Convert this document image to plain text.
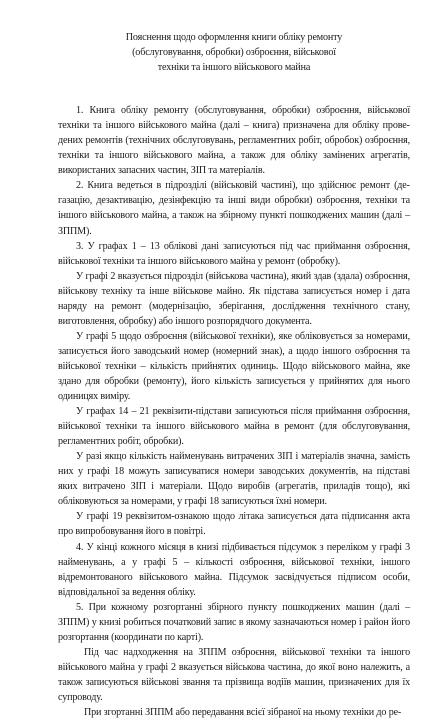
Пояснення щодо оформлення книги обліку ремонту
(обслуговування, обробки) озброєння, військової
техніки та іншого військового майна

1. Книга обліку ремонту (обслуговування, обробки) озброєння, військової техніки та іншого військового майна (далі – книга) призначена для обліку проведених ремонтів (технічних обслуговувань, регламентних робіт, обробок) озброєння, техніки та іншого військового майна, а також для обліку замінених агрегатів, використаних запасних частин, ЗІП та матеріалів.

2. Книга ведеться в підрозділі (військовій частині), що здійснює ремонт (дегазацію, дезактивацію, дезінфекцію та інші види обробки) озброєння, техніки та іншого військового майна, а також на збірному пункті пошкоджених машин (далі – ЗППМ).

3. У графах 1 – 13 облікові дані записуються під час приймання озброєння, військової техніки та іншого військового майна у ремонт (обробку).

У графі 2 вказується підрозділ (військова частина), який здав (здала) озброєння, військову техніку та інше військове майно. Як підстава записується номер і дата наряду на ремонт (модернізацію, зберігання, дослідження технічного стану, виготовлення, обробку) або іншого розпорядчого документа.

У графі 5 щодо озброєння (військової техніки), яке обліковується за номерами, записується його заводський номер (номерний знак), а щодо іншого озброєння та військової техніки – кількість прийнятих одиниць. Щодо військового майна, яке здано для обробки (ремонту), його кількість записується у прийнятих для нього одиницях виміру.

У графах 14 – 21 реквізити-підстави записуються після приймання озброєння, військової техніки та іншого військового майна в ремонт (для обслуговування, регламентних робіт, обробки).

У разі якщо кількість найменувань витрачених ЗІП і матеріалів значна, замість них у графі 18 можуть записуватися номери заводських документів, на підставі яких витрачено ЗІП і матеріали. Щодо виробів (агрегатів, приладів тощо), які обліковуються за номерами, у графі 18 записуються їхні номери.

У графі 19 реквізитом-ознакою щодо літака записується дата підписання акта про випробовування його в повітрі.

4. У кінці кожного місяця в книзі підбивається підсумок з переліком у графі 3 найменувань, а у графі 5 – кількості озброєння, військової техніки, іншого відремонтованого військового майна. Підсумок засвідчується підписом особи, відповідальної за ведення обліку.

5. При кожному розгортанні збірного пункту пошкоджених машин (далі – ЗППМ) у книзі робиться початковий запис в якому зазначаються номер і район його розгортання (координати по карті).

Під час надходження на ЗППМ озброєння, військової техніки та іншого військового майна у графі 2 вказується військова частина, до якої воно належить, а також записуються військові звання та прізвища водіїв машин, призначених для їх супроводу.

При згортанні ЗППМ або передавання всієї зібраної на ньому техніки до ре-
